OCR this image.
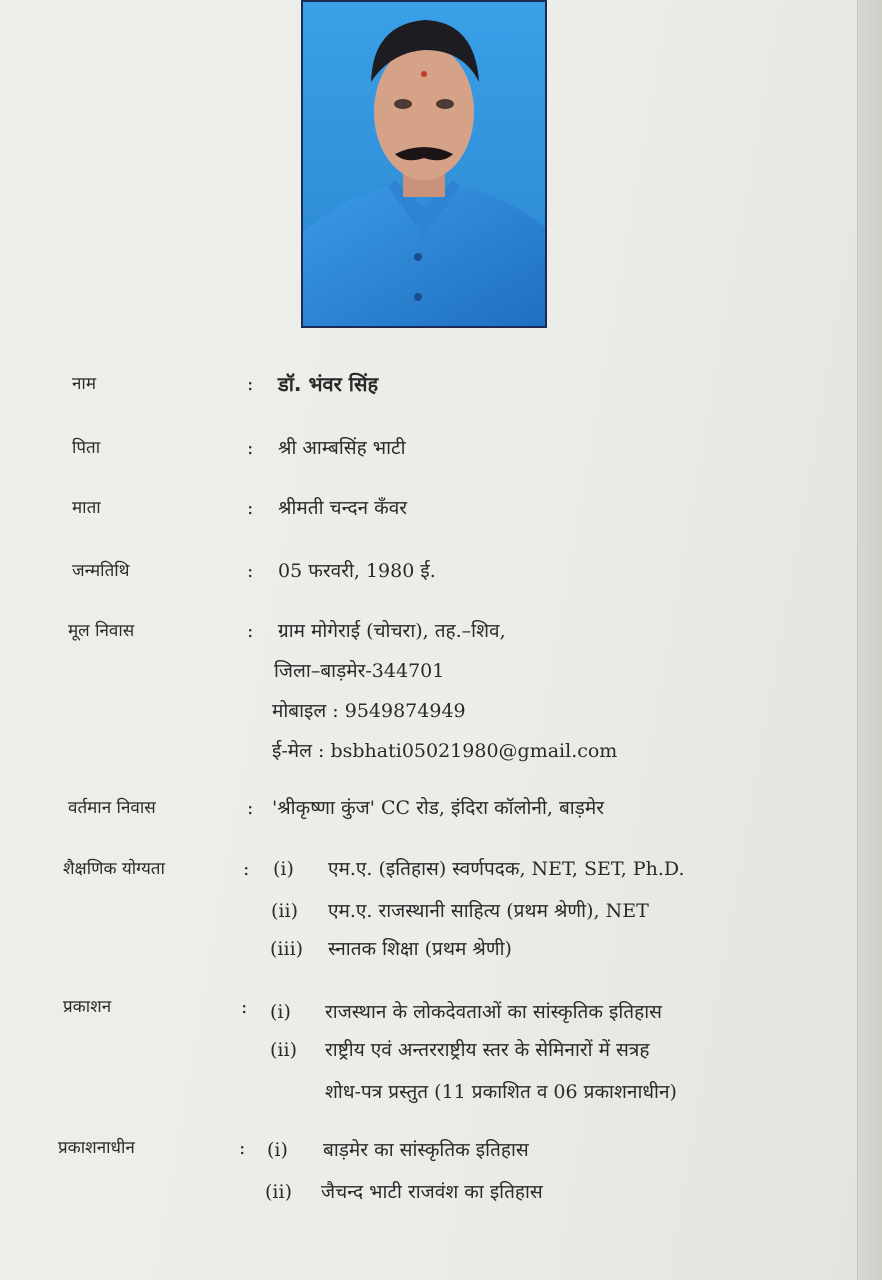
नाम	: डॉ. भंवर सिंह
पिता	: श्री आम्बसिंह भाटी
माता	: श्रीमती चन्दन कँवर
जन्मतिथि	: 05 फरवरी, 1980 ई.
मूल निवास	: ग्राम मोगेराई (चोचरा), तह.–शिव,
जिला–बाड़मेर-344701
मोबाइल : 9549874949
ई-मेल : bsbhati05021980@gmail.com
वर्तमान निवास	: 'श्रीकृष्णा कुंज' CC रोड, इंदिरा कॉलोनी, बाड़मेर
शैक्षणिक योग्यता	: (i) एम.ए. (इतिहास) स्वर्णपदक, NET, SET, Ph.D.
(ii) एम.ए. राजस्थानी साहित्य (प्रथम श्रेणी), NET
(iii) स्नातक शिक्षा (प्रथम श्रेणी)
प्रकाशन	: (i) राजस्थान के लोकदेवताओं का सांस्कृतिक इतिहास
(ii) राष्ट्रीय एवं अन्तरराष्ट्रीय स्तर के सेमिनारों में सत्रह
शोध-पत्र प्रस्तुत (11 प्रकाशित व 06 प्रकाशनाधीन)
प्रकाशनाधीन	: (i) बाड़मेर का सांस्कृतिक इतिहास
(ii) जैचन्द भाटी राजवंश का इतिहास
